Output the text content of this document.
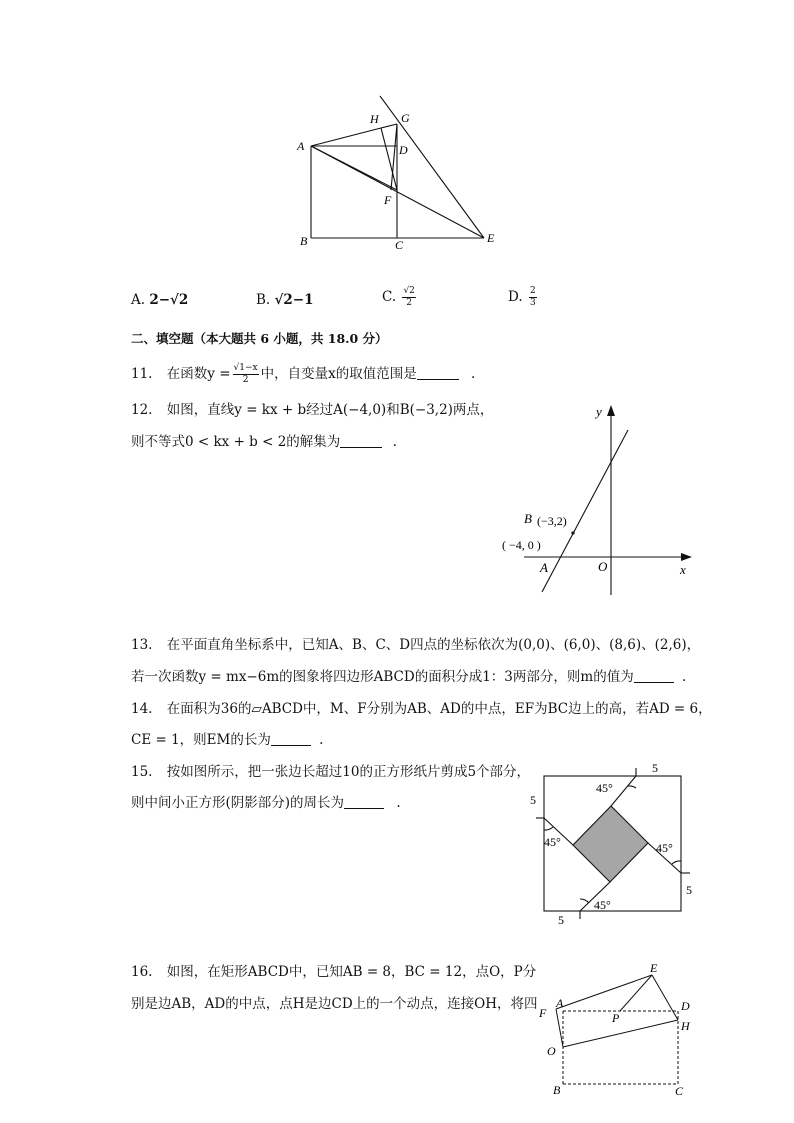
H G
A	D
F
B	C	E
A. 2−√2	B. √2−1	C. $\frac{√2}{2}$	D. $\frac{2}{3}$
二、填空题（本大题共 6 小题，共 18.0 分）
11. 在函数$y = \frac{√1-x}{2}$ 中，自变量x的取值范围是	.
12. 如图，直线y = kx + b经过A(−4,0)和B(−3,2)两点，
则不等式0 < kx + b < 2的解集为	.
y
x
B (−3,2)
( −4, 0 )
A	O
13. 在平面直角坐标系中，已知A、B、C、D四点的坐标依次为(0,0)、(6,0)、(8,6)、(2,6)，
若一次函数y = mx−6m的图象将四边形ABCD的面积分成1：3两部分，则m的值为	.
14. 在面积为36的▱ABCD中，M、F分别为AB、AD的中点，EF为BC边上的高，若AD = 6，
CE = 1，则EM的长为	.
15. 按如图所示，把一张边长超过10的正方形纸片剪成5个部分，
则中间小正方形(阴影部分)的周长为	.
5
5
5
5
45°
45°	45°
45°
16. 如图，在矩形ABCD中，已知AB = 8，BC = 12，点O，P分
别是边AB，AD的中点，点H是边CD上的一个动点，连接OH，将四
E
A
F	D
H
P
O
B	C
